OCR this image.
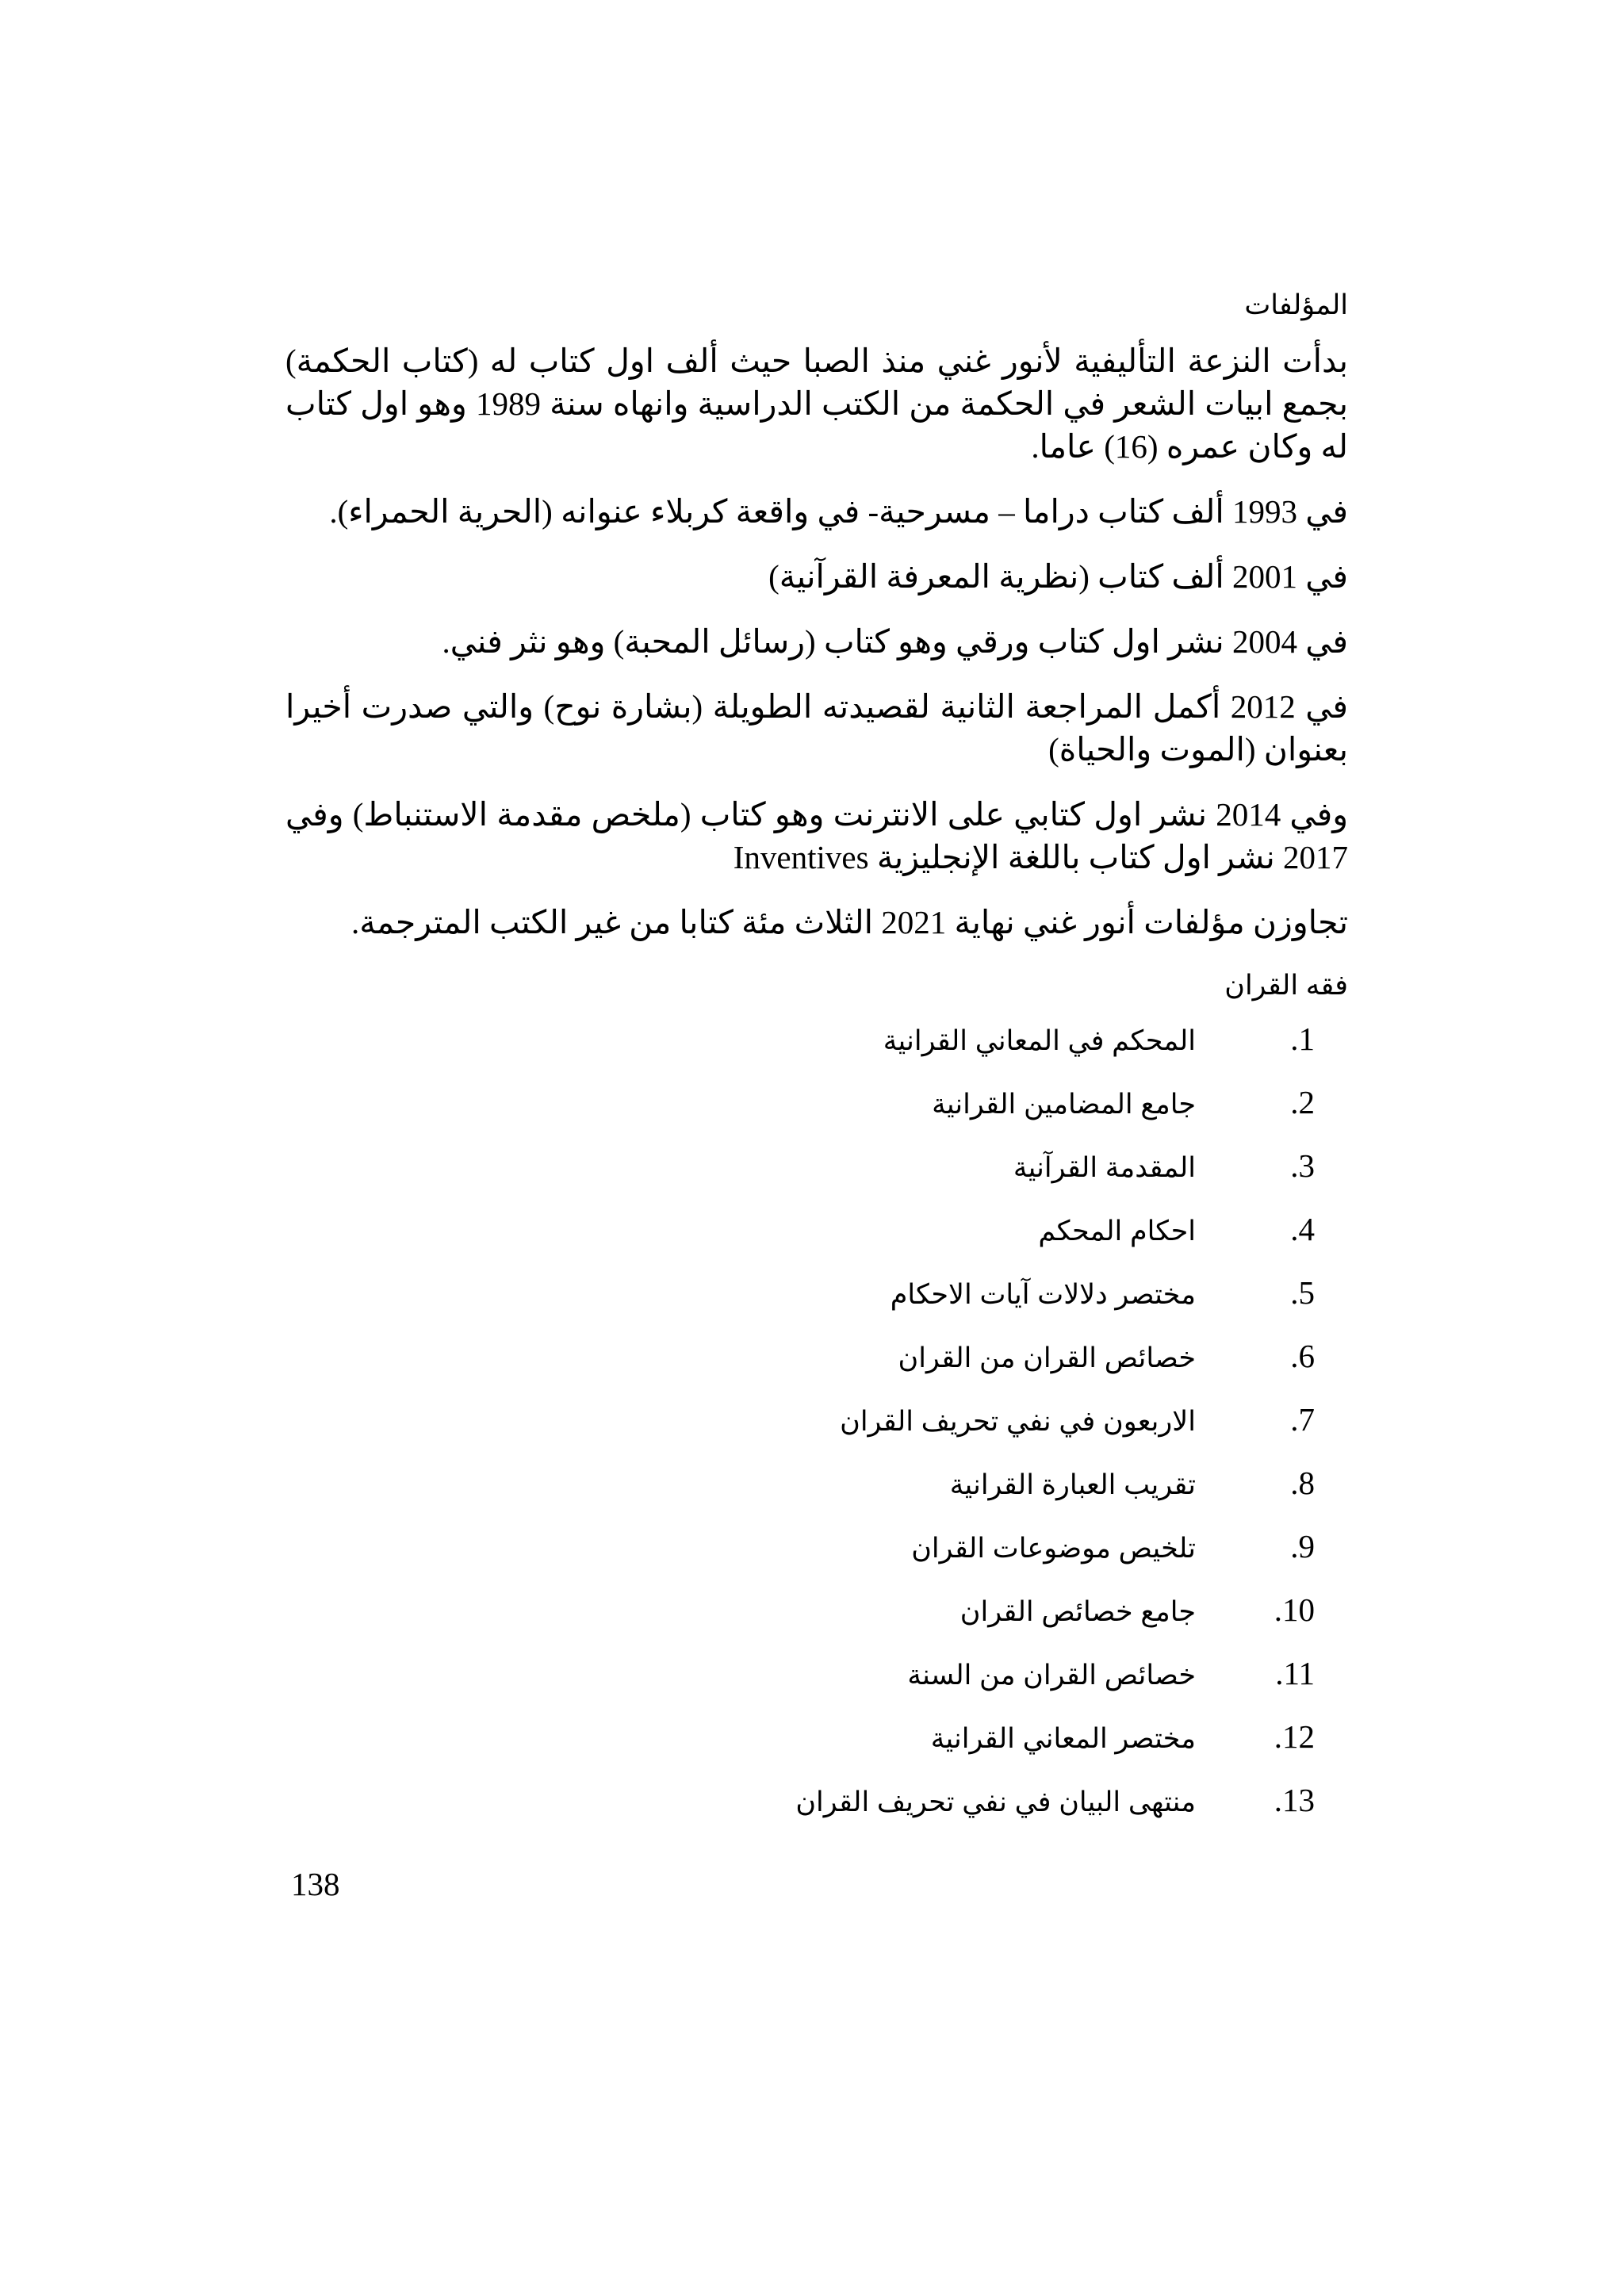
المؤلفات

بدأت النزعة التأليفية لأنور غني منذ الصبا حيث ألف اول كتاب له (كتاب الحكمة) بجمع ابيات الشعر في الحكمة من الكتب الدراسية وانهاه سنة 1989 وهو اول كتاب له وكان عمره (16) عاما.

في 1993 ألف كتاب دراما – مسرحية- في واقعة كربلاء عنوانه (الحرية الحمراء).

في 2001 ألف كتاب (نظرية المعرفة القرآنية)

في 2004 نشر اول كتاب ورقي وهو كتاب (رسائل المحبة) وهو نثر فني.

في 2012 أكمل المراجعة الثانية لقصيدته الطويلة (بشارة نوح) والتي صدرت أخيرا بعنوان (الموت والحياة)

وفي 2014 نشر اول كتابي على الانترنت وهو كتاب (ملخص مقدمة الاستنباط) وفي 2017 نشر اول كتاب باللغة الإنجليزية Inventives

تجاوزن مؤلفات أنور غني نهاية 2021 الثلاث مئة كتابا من غير الكتب المترجمة.

فقه القران
1.
المحكم في المعاني القرانية
2.
جامع المضامين القرانية
3.
المقدمة القرآنية
4.
احكام المحكم
5.
مختصر دلالات آيات الاحكام
6.
خصائص القران من القران
7.
الاربعون في نفي تحريف القران
8.
تقريب العبارة القرانية
9.
تلخيص موضوعات القران
10.
جامع خصائص القران
11.
خصائص القران من السنة
12.
مختصر المعاني القرانية
13.
منتهى البيان في نفي تحريف القران
138
